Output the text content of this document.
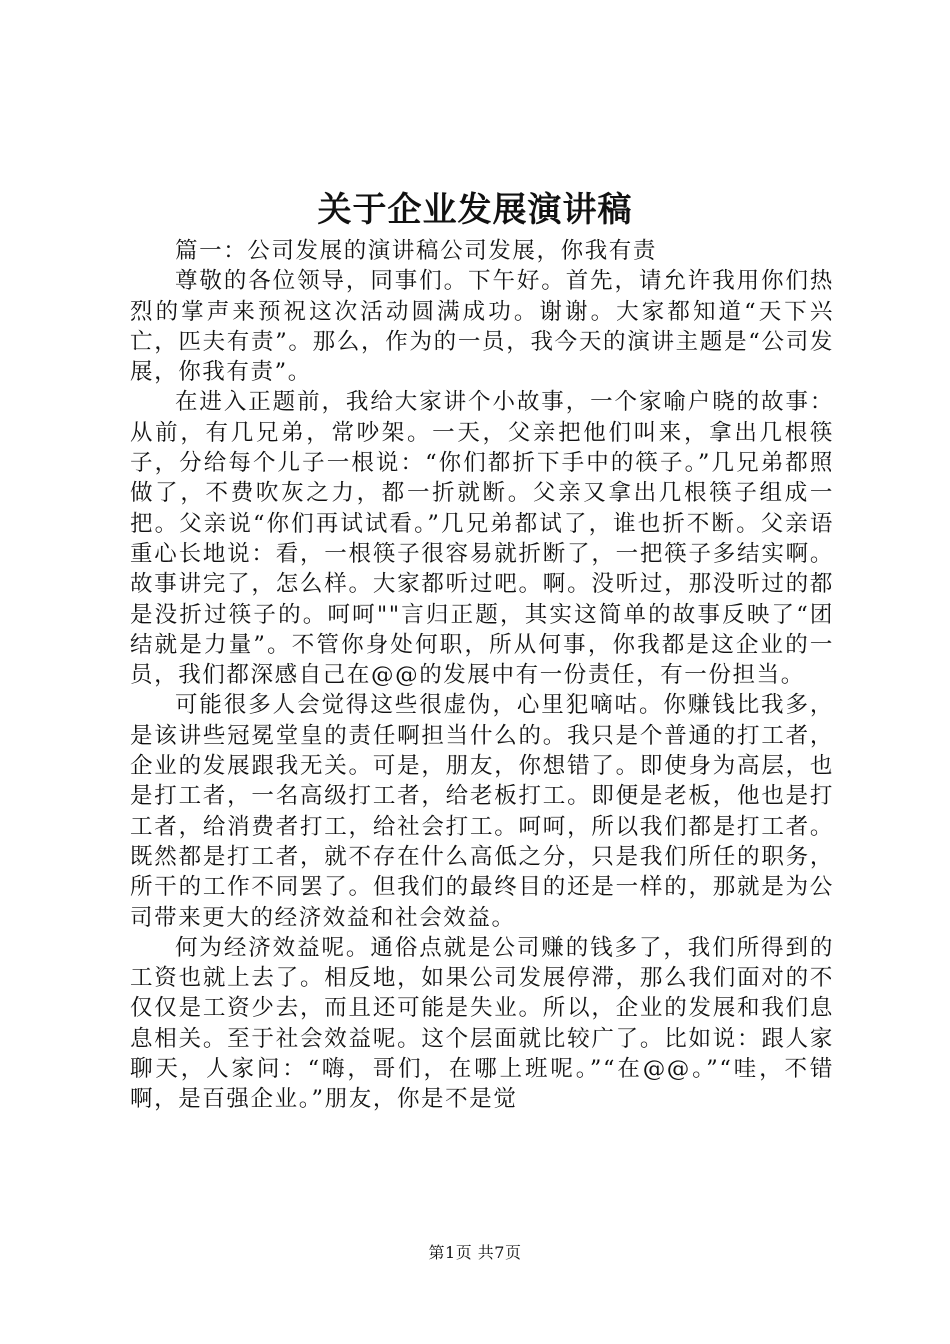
关于企业发展演讲稿

篇一：公司发展的演讲稿公司发展，你我有责

尊敬的各位领导，同事们。下午好。首先，请允许我用你们热烈的掌声来预祝这次活动圆满成功。谢谢。大家都知道“天下兴亡，匹夫有责”。那么，作为的一员，我今天的演讲主题是“公司发展，你我有责”。

在进入正题前，我给大家讲个小故事，一个家喻户晓的故事：从前，有几兄弟，常吵架。一天，父亲把他们叫来，拿出几根筷子，分给每个儿子一根说：“你们都折下手中的筷子。”几兄弟都照做了，不费吹灰之力，都一折就断。父亲又拿出几根筷子组成一把。父亲说“你们再试试看。”几兄弟都试了，谁也折不断。父亲语重心长地说：看，一根筷子很容易就折断了，一把筷子多结实啊。故事讲完了，怎么样。大家都听过吧。啊。没听过，那没听过的都是没折过筷子的。呵呵""言归正题，其实这简单的故事反映了“团结就是力量”。不管你身处何职，所从何事，你我都是这企业的一员，我们都深感自己在@@的发展中有一份责任，有一份担当。

可能很多人会觉得这些很虚伪，心里犯嘀咕。你赚钱比我多，是该讲些冠冕堂皇的责任啊担当什么的。我只是个普通的打工者，企业的发展跟我无关。可是，朋友，你想错了。即使身为高层，也是打工者，一名高级打工者，给老板打工。即便是老板，他也是打工者，给消费者打工，给社会打工。呵呵，所以我们都是打工者。既然都是打工者，就不存在什么高低之分，只是我们所任的职务，所干的工作不同罢了。但我们的最终目的还是一样的，那就是为公司带来更大的经济效益和社会效益。

何为经济效益呢。通俗点就是公司赚的钱多了，我们所得到的工资也就上去了。相反地，如果公司发展停滞，那么我们面对的不仅仅是工资少去，而且还可能是失业。所以，企业的发展和我们息息相关。至于社会效益呢。这个层面就比较广了。比如说：跟人家聊天，人家问：“嗨，哥们，在哪上班呢。”“在@@。”“哇，不错啊，是百强企业。”朋友，你是不是觉

第1页 共7页
